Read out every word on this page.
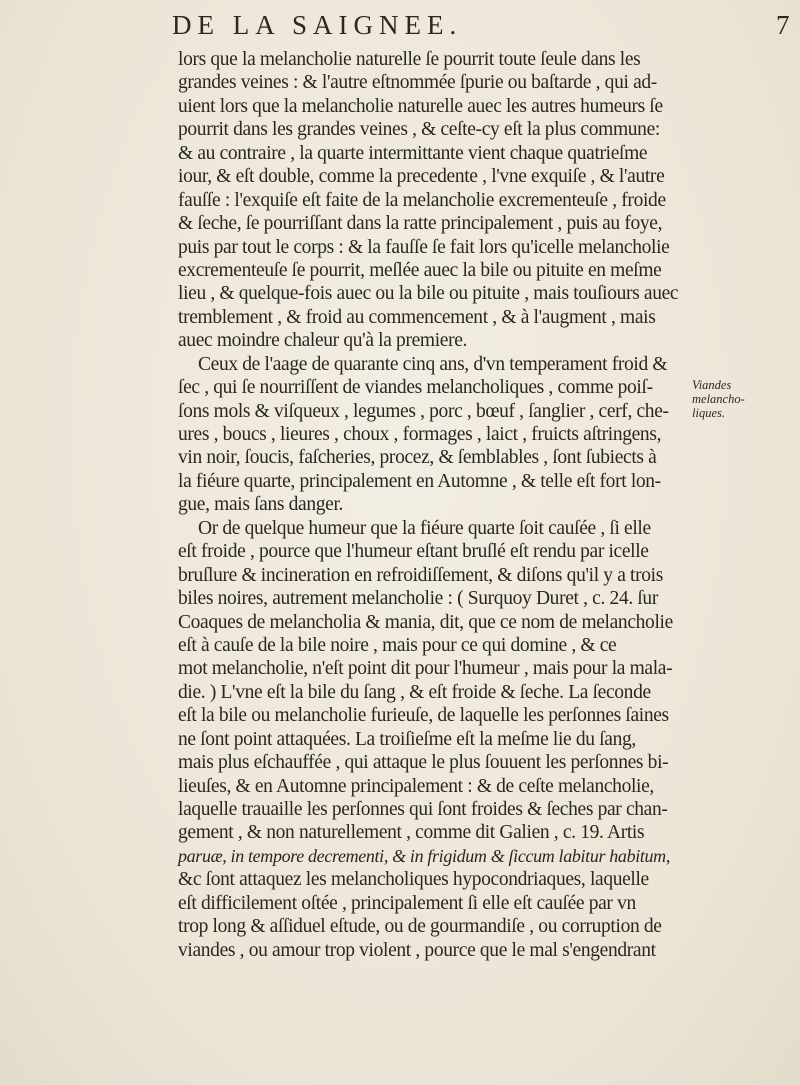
DE LA SAIGNEE.	7
lors que la melancholie naturelle ſe pourrit toute ſeule dans les
grandes veines : & l'autre eſtnommée ſpurie ou baſtarde , qui ad-
uient lors que la melancholie naturelle auec les autres humeurs ſe
pourrit dans les grandes veines , & ceſte-cy eſt la plus commune:
& au contraire , la quarte intermittante vient chaque quatrieſme
iour, & eſt double, comme la precedente , l'vne exquiſe , & l'autre
fauſſe : l'exquiſe eſt faite de la melancholie excrementeuſe , froide
& ſeche, ſe pourriſſant dans la ratte principalement , puis au foye,
puis par tout le corps : & la fauſſe ſe fait lors qu'icelle melancholie
excrementeuſe ſe pourrit, meſlée auec la bile ou pituite en meſme
lieu , & quelque-fois auec ou la bile ou pituite , mais touſiours auec
tremblement , & froid au commencement , & à l'augment , mais
auec moindre chaleur qu'à la premiere.
Ceux de l'aage de quarante cinq ans, d'vn temperament froid &
ſec , qui ſe nourriſſent de viandes melancholiques , comme poiſ-
ſons mols & viſqueux , legumes , porc , bœuf , ſanglier , cerf, che-
ures , boucs , lieures , choux , formages , laict , fruicts aſtringens,
vin noir, ſoucis, faſcheries, procez, & ſemblables , ſont ſubiects à
la fiéure quarte, principalement en Automne , & telle eſt fort lon-
gue, mais ſans danger.
Or de quelque humeur que la fiéure quarte ſoit cauſée , ſi elle
eſt froide , pource que l'humeur eſtant bruſlé eſt rendu par icelle
bruſlure & incineration en refroidiſſement, & diſons qu'il y a trois
biles noires, autrement melancholie : ( Surquoy Duret , c. 24. ſur
Coaques de melancholia & mania, dit, que ce nom de melancholie
eſt à cauſe de la bile noire , mais pour ce qui domine , & ce
mot melancholie, n'eſt point dit pour l'humeur , mais pour la mala-
die. ) L'vne eſt la bile du ſang , & eſt froide & ſeche. La ſeconde
eſt la bile ou melancholie furieuſe, de laquelle les perſonnes ſaines
ne ſont point attaquées. La troiſieſme eſt la meſme lie du ſang,
mais plus eſchauffée , qui attaque le plus ſouuent les perſonnes bi-
lieuſes, & en Automne principalement : & de ceſte melancholie,
laquelle trauaille les perſonnes qui ſont froides & ſeches par chan-
gement , & non naturellement , comme dit Galien , c. 19. Artis
paruæ, in tempore decrementi, & in frigidum & ſiccum labitur habitum,
&c ſont attaquez les melancholiques hypocondriaques, laquelle
eſt difficilement oſtée , principalement ſi elle eſt cauſée par vn
trop long & aſſiduel eſtude, ou de gourmandiſe , ou corruption de
viandes , ou amour trop violent , pource que le mal s'engendrant
Viandes
melancho-
liques.
